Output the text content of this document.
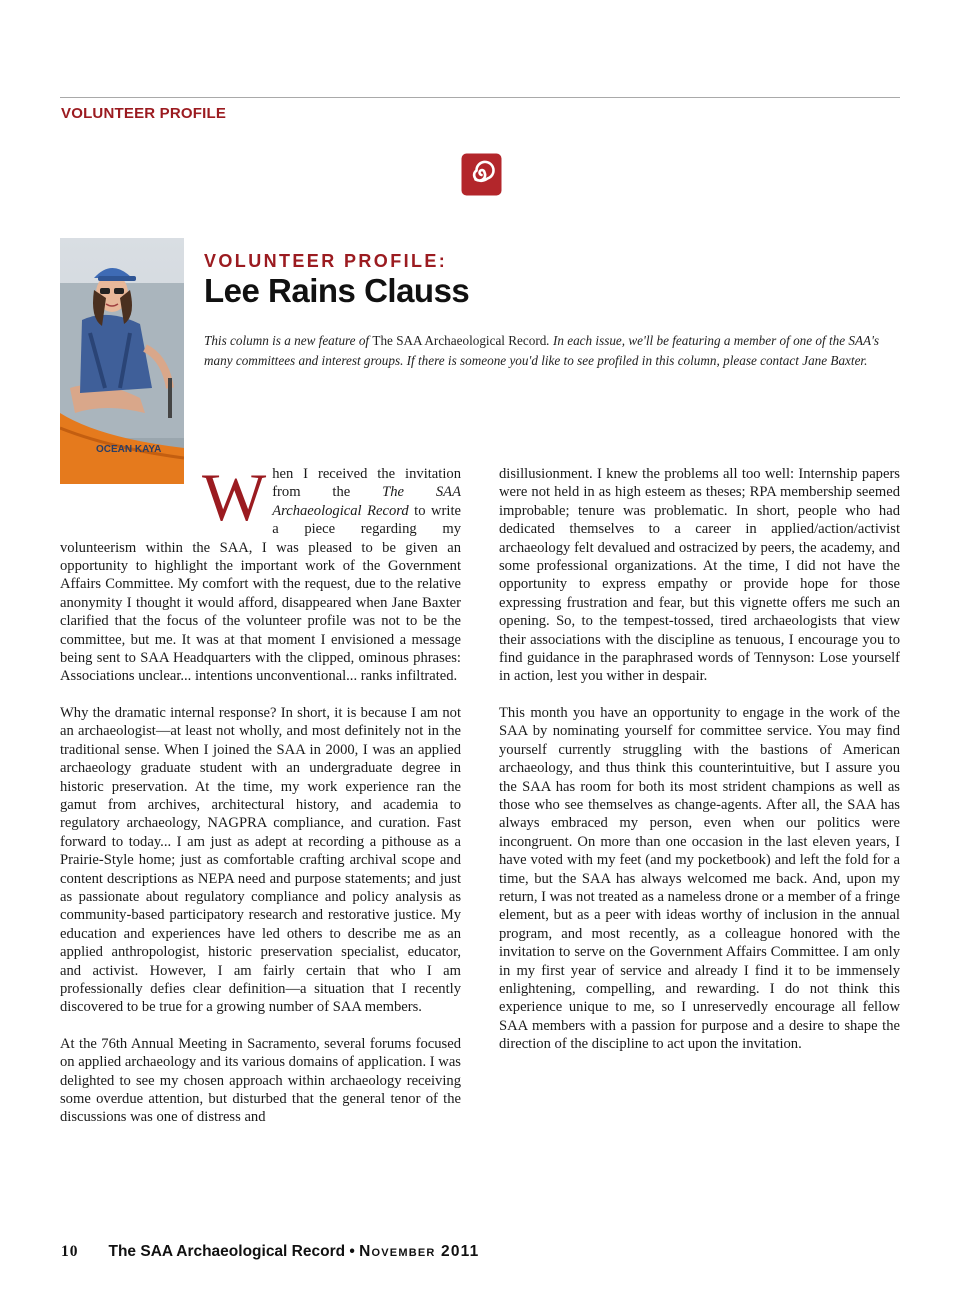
VOLUNTEER PROFILE
OCEAN KAYA
VOLUNTEER PROFILE:
Lee Rains Clauss
This column is a new feature of The SAA Archaeological Record. In each issue, we'll be featuring a member of one of the SAA's many committees and interest groups. If there is someone you'd like to see profiled in this column, please contact Jane Baxter.

When I received the invitation from the The SAA Archaeological Record to write a piece regarding my volunteerism within the SAA, I was pleased to be given an opportunity to highlight the important work of the Government Affairs Committee. My comfort with the request, due to the relative anonymity I thought it would afford, disappeared when Jane Baxter clarified that the focus of the volunteer profile was not to be the committee, but me. It was at that moment I envisioned a message being sent to SAA Headquarters with the clipped, ominous phrases: Associations unclear... intentions unconventional... ranks infiltrated.

Why the dramatic internal response? In short, it is because I am not an archaeologist—at least not wholly, and most definitely not in the traditional sense. When I joined the SAA in 2000, I was an applied archaeology graduate student with an undergraduate degree in historic preservation. At the time, my work experience ran the gamut from archives, architectural history, and academia to regulatory archaeology, NAGPRA compliance, and curation. Fast forward to today... I am just as adept at recording a pithouse as a Prairie-Style home; just as comfortable crafting archival scope and content descriptions as NEPA need and purpose statements; and just as passionate about regulatory compliance and policy analysis as community-based participatory research and restorative justice. My education and experiences have led others to describe me as an applied anthropologist, historic preservation specialist, educator, and activist. However, I am fairly certain that who I am professionally defies clear definition—a situation that I recently discovered to be true for a growing number of SAA members.

At the 76th Annual Meeting in Sacramento, several forums focused on applied archaeology and its various domains of application. I was delighted to see my chosen approach within archaeology receiving some overdue attention, but disturbed that the general tenor of the discussions was one of distress and

disillusionment. I knew the problems all too well: Internship papers were not held in as high esteem as theses; RPA membership seemed improbable; tenure was problematic. In short, people who had dedicated themselves to a career in applied/action/activist archaeology felt devalued and ostracized by peers, the academy, and some professional organizations. At the time, I did not have the opportunity to express empathy or provide hope for those expressing frustration and fear, but this vignette offers me such an opening. So, to the tempest-tossed, tired archaeologists that view their associations with the discipline as tenuous, I encourage you to find guidance in the paraphrased words of Tennyson: Lose yourself in action, lest you wither in despair.

This month you have an opportunity to engage in the work of the SAA by nominating yourself for committee service. You may find yourself currently struggling with the bastions of American archaeology, and thus think this counterintuitive, but I assure you the SAA has room for both its most strident champions as well as those who see themselves as change-agents. After all, the SAA has always embraced my person, even when our politics were incongruent. On more than one occasion in the last eleven years, I have voted with my feet (and my pocketbook) and left the fold for a time, but the SAA has always welcomed me back. And, upon my return, I was not treated as a nameless drone or a member of a fringe element, but as a peer with ideas worthy of inclusion in the annual program, and most recently, as a colleague honored with the invitation to serve on the Government Affairs Committee. I am only in my first year of service and already I find it to be immensely enlightening, compelling, and rewarding. I do not think this experience unique to me, so I unreservedly encourage all fellow SAA members with a passion for purpose and a desire to shape the direction of the discipline to act upon the invitation.

10 The SAA Archaeological Record • November 2011
